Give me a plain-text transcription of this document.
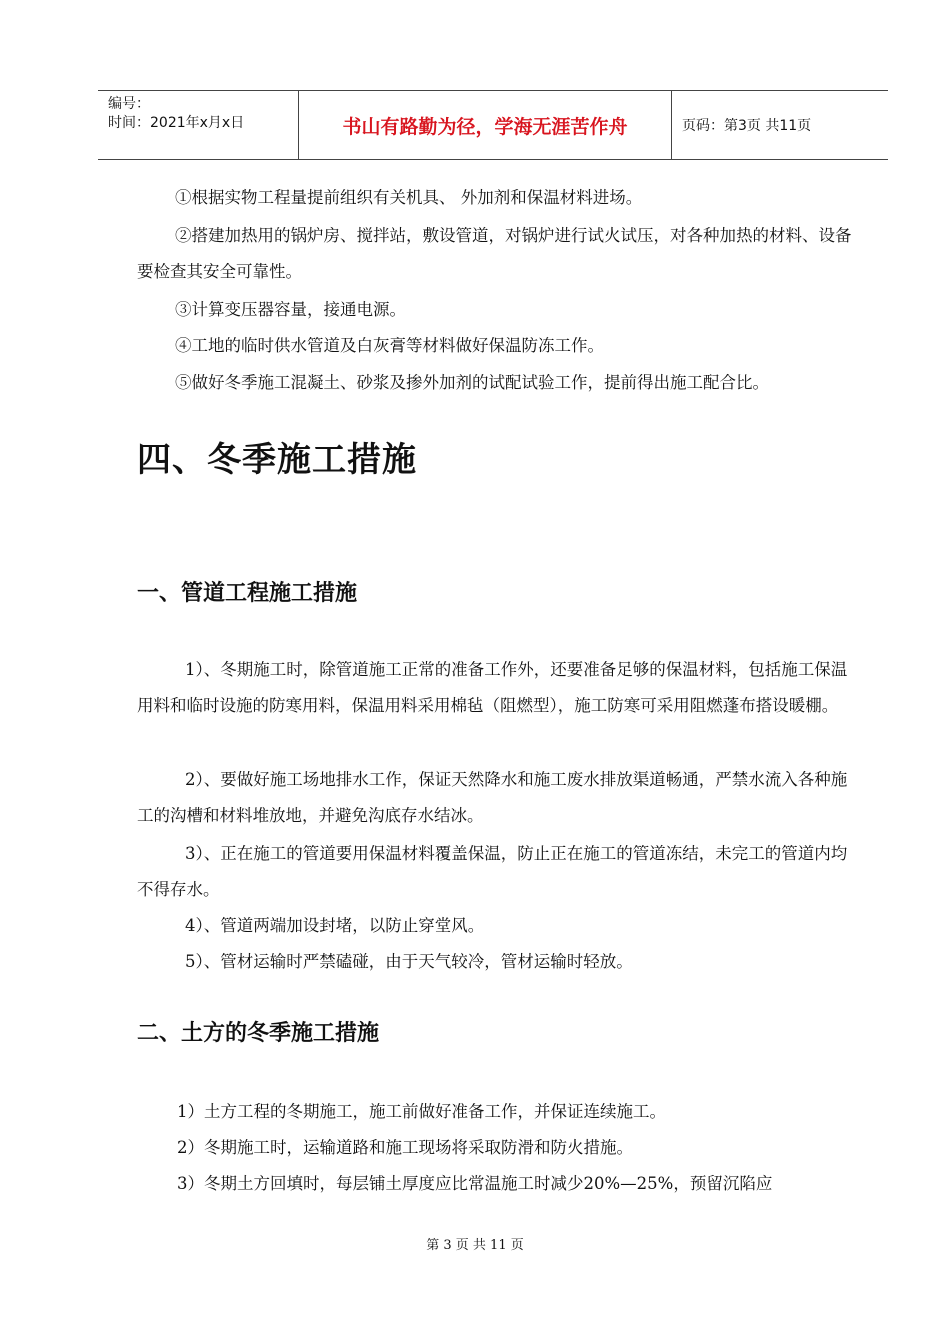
编号：
时间：2021年x月x日	书山有路勤为径，学海无涯苦作舟	页码：第3页 共11页

①根据实物工程量提前组织有关机具、 外加剂和保温材料进场。

②搭建加热用的锅炉房、搅拌站，敷设管道，对锅炉进行试火试压，对各种加热的材料、设备要检查其安全可靠性。

③计算变压器容量，接通电源。

④工地的临时供水管道及白灰膏等材料做好保温防冻工作。

⑤做好冬季施工混凝土、砂浆及掺外加剂的试配试验工作，提前得出施工配合比。

四、冬季施工措施
一、管道工程施工措施

1）、冬期施工时，除管道施工正常的准备工作外，还要准备足够的保温材料，包括施工保温用料和临时设施的防寒用料，保温用料采用棉毡（阻燃型），施工防寒可采用阻燃蓬布搭设暖棚。

2）、要做好施工场地排水工作，保证天然降水和施工废水排放渠道畅通，严禁水流入各种施工的沟槽和材料堆放地，并避免沟底存水结冰。

3）、正在施工的管道要用保温材料覆盖保温，防止正在施工的管道冻结，未完工的管道内均不得存水。

4）、管道两端加设封堵，以防止穿堂风。

5）、管材运输时严禁磕碰，由于天气较冷，管材运输时轻放。

二、土方的冬季施工措施

1）土方工程的冬期施工，施工前做好准备工作，并保证连续施工。

2）冬期施工时，运输道路和施工现场将采取防滑和防火措施。

3）冬期土方回填时，每层铺土厚度应比常温施工时减少20%—25%，预留沉陷应

第 3 页 共 11 页
